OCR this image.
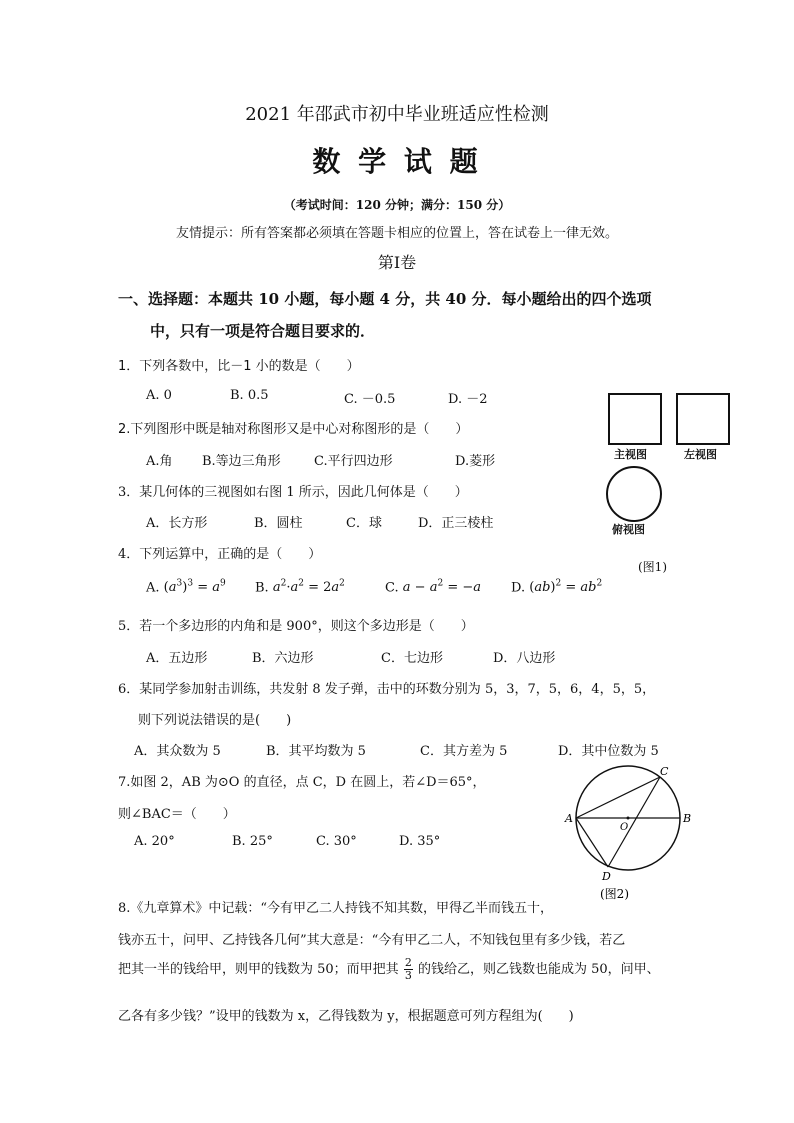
2021 年邵武市初中毕业班适应性检测
数 学 试 题
（考试时间：120 分钟；满分：150 分）
友情提示：所有答案都必须填在答题卡相应的位置上，答在试卷上一律无效。
第Ⅰ卷
一、选择题：本题共 10 小题，每小题 4 分，共 40 分．每小题给出的四个选项
中，只有一项是符合题目要求的．
1．下列各数中，比－1 小的数是（　　）
A. 0	B. 0.5	C. －0.5	D. －2
2.下列图形中既是轴对称图形又是中心对称图形的是（　　）
A.角 B.等边三角形	C.平行四边形	D.菱形
3．某几何体的三视图如右图 1 所示，因此几何体是（　　）
A．长方形	B．圆柱	C．球	D．正三棱柱
4．下列运算中，正确的是（　　）
A. $(a^3)^3 = a^9$ B. $a^2\cdot a^2 = 2a^2$	C. $a - a^2 = -a$ D. $(ab)^2 = ab^2$
5．若一个多边形的内角和是 900°，则这个多边形是（　　）
A．五边形	B．六边形	C．七边形	D．八边形
6．某同学参加射击训练，共发射 8 发子弹，击中的环数分别为 5，3，7，5，6，4，5，5，
则下列说法错误的是(　　)
A．其众数为 5	B．其平均数为 5	C．其方差为 5	D．其中位数为 5
7.如图 2，AB 为⊙O 的直径，点 C，D 在圆上，若∠D＝65°，
则∠BAC＝（　　）
A. 20°	B. 25°	C. 30°	D. 35°
8.《九章算术》中记载：“今有甲乙二人持钱不知其数，甲得乙半而钱五十，
钱亦五十，问甲、乙持钱各几何”其大意是：“今有甲乙二人，不知钱包里有多少钱，若乙
把其一半的钱给甲，则甲的钱数为 50；而甲把其 $\frac{2}{3}$ 的钱给乙，则乙钱数也能成为 50，问甲、
乙各有多少钱？”设甲的钱数为 x，乙得钱数为 y，根据题意可列方程组为(　　)
主视图	左视图
俯视图
(图1)
A	B
C
D
O
(图2)
